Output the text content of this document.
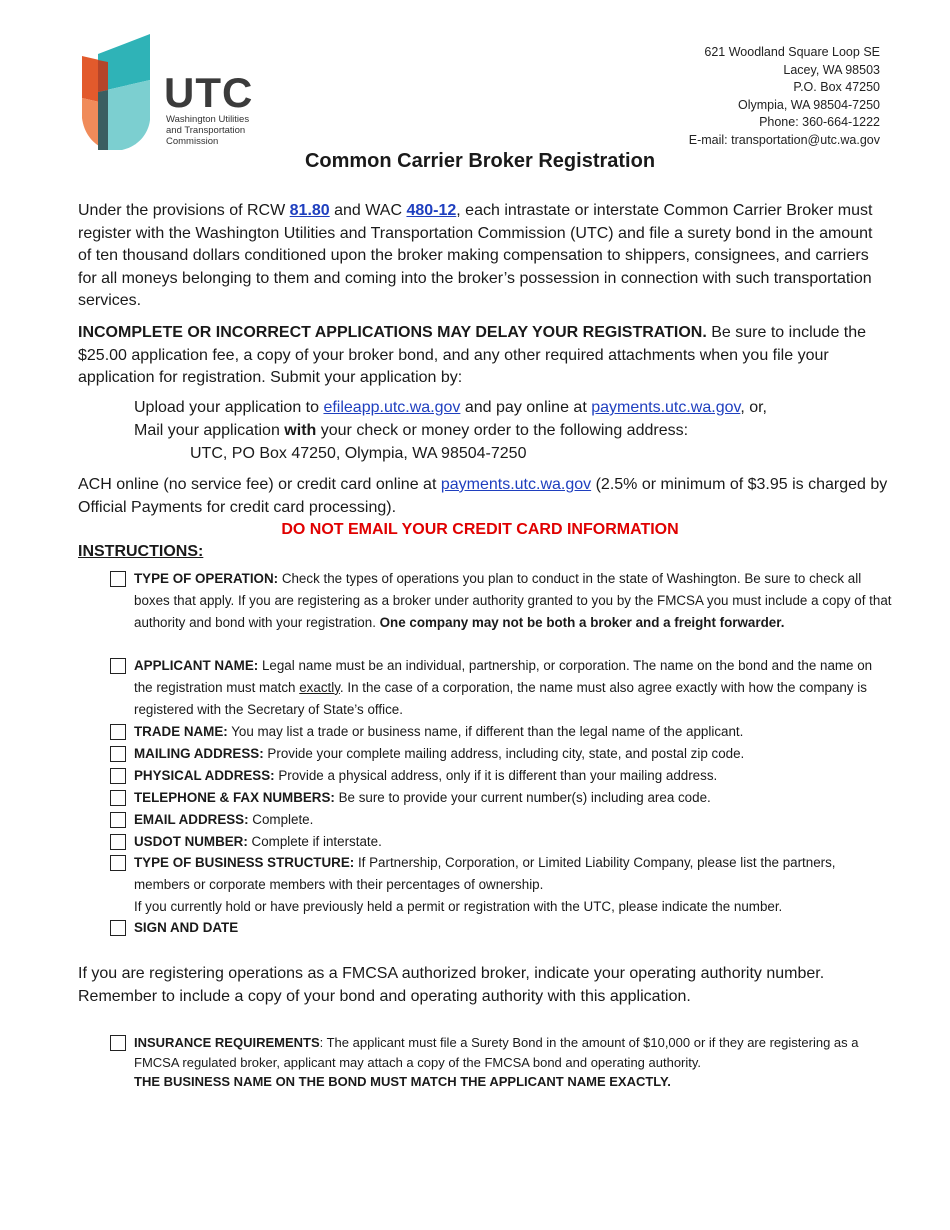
UTC
Washington Utilities
and Transportation
Commission
621 Woodland Square Loop SE
Lacey, WA 98503
P.O. Box 47250
Olympia, WA 98504-7250
Phone: 360-664-1222
E-mail: transportation@utc.wa.gov
Common Carrier Broker Registration
Under the provisions of RCW 81.80 and WAC 480-12, each intrastate or interstate Common Carrier Broker must register with the Washington Utilities and Transportation Commission (UTC) and file a surety bond in the amount of ten thousand dollars conditioned upon the broker making compensation to shippers, consignees, and carriers for all moneys belonging to them and coming into the broker’s possession in connection with such transportation services.
INCOMPLETE OR INCORRECT APPLICATIONS MAY DELAY YOUR REGISTRATION. Be sure to include the $25.00 application fee, a copy of your broker bond, and any other required attachments when you file your application for registration. Submit your application by:
Upload your application to efileapp.utc.wa.gov and pay online at payments.utc.wa.gov, or,
Mail your application with your check or money order to the following address:
UTC, PO Box 47250, Olympia, WA 98504-7250
ACH online (no service fee) or credit card online at payments.utc.wa.gov (2.5% or minimum of $3.95 is charged by Official Payments for credit card processing).
DO NOT EMAIL YOUR CREDIT CARD INFORMATION
INSTRUCTIONS:
TYPE OF OPERATION: Check the types of operations you plan to conduct in the state of Washington. Be sure to check all boxes that apply. If you are registering as a broker under authority granted to you by the FMCSA you must include a copy of that authority and bond with your registration. One company may not be both a broker and a freight forwarder.
APPLICANT NAME: Legal name must be an individual, partnership, or corporation. The name on the bond and the name on the registration must match exactly. In the case of a corporation, the name must also agree exactly with how the company is registered with the Secretary of State’s office.
TRADE NAME: You may list a trade or business name, if different than the legal name of the applicant.
MAILING ADDRESS: Provide your complete mailing address, including city, state, and postal zip code.
PHYSICAL ADDRESS: Provide a physical address, only if it is different than your mailing address.
TELEPHONE & FAX NUMBERS: Be sure to provide your current number(s) including area code.
EMAIL ADDRESS: Complete.
USDOT NUMBER: Complete if interstate.
TYPE OF BUSINESS STRUCTURE: If Partnership, Corporation, or Limited Liability Company, please list the partners, members or corporate members with their percentages of ownership.
If you currently hold or have previously held a permit or registration with the UTC, please indicate the number.
SIGN AND DATE
If you are registering operations as a FMCSA authorized broker, indicate your operating authority number. Remember to include a copy of your bond and operating authority with this application.
INSURANCE REQUIREMENTS: The applicant must file a Surety Bond in the amount of $10,000 or if they are registering as a FMCSA regulated broker, applicant may attach a copy of the FMCSA bond and operating authority.
THE BUSINESS NAME ON THE BOND MUST MATCH THE APPLICANT NAME EXACTLY.
